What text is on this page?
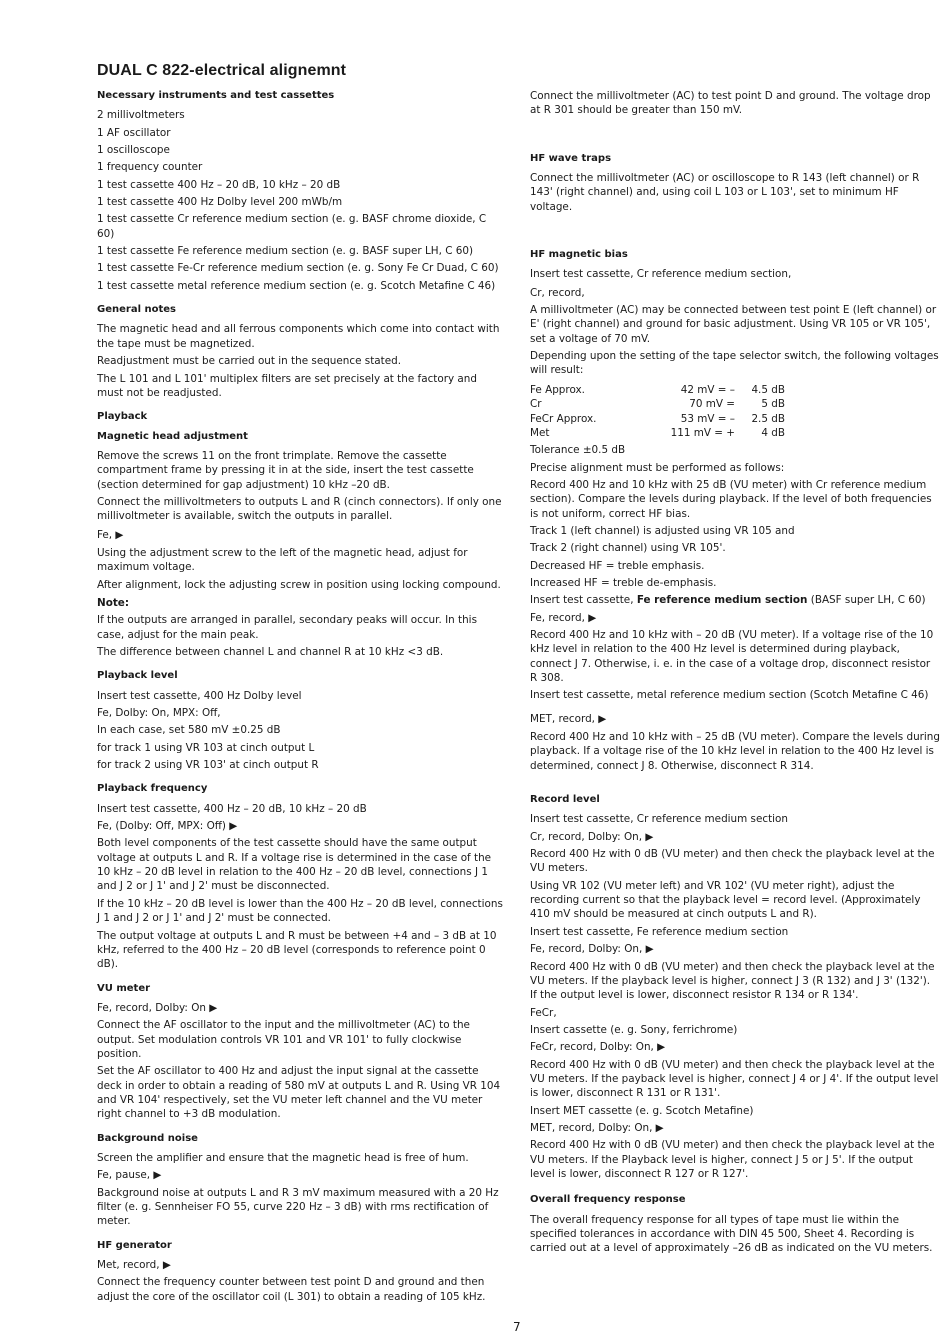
DUAL C 822-electrical alignemnt
Necessary instruments and test cassettes
2 millivoltmeters
1 AF oscillator
1 oscilloscope
1 frequency counter
1 test cassette 400 Hz – 20 dB, 10 kHz – 20 dB
1 test cassette 400 Hz Dolby level 200 mWb/m
1 test cassette Cr reference medium section (e. g. BASF chrome dioxide, C 60)
1 test cassette Fe reference medium section (e. g. BASF super LH, C 60)
1 test cassette Fe-Cr reference medium section (e. g. Sony Fe Cr Duad, C 60)
1 test cassette metal reference medium section (e. g. Scotch Metafine C 46)
General notes
The magnetic head and all ferrous components which come into contact with the tape must be magnetized.
Readjustment must be carried out in the sequence stated.
The L 101 and L 101' multiplex filters are set precisely at the factory and must not be readjusted.
Playback
Magnetic head adjustment
Remove the screws 11 on the front trimplate. Remove the cassette compartment frame by pressing it in at the side, insert the test cassette (section determined for gap adjustment) 10 kHz –20 dB.
Connect the millivoltmeters to outputs L and R (cinch connectors). If only one millivoltmeter is available, switch the outputs in parallel.
Fe, ▶
Using the adjustment screw to the left of the magnetic head, adjust for maximum voltage.
After alignment, lock the adjusting screw in position using locking compound.
Note:
If the outputs are arranged in parallel, secondary peaks will occur. In this case, adjust for the main peak.
The difference between channel L and channel R at 10 kHz <3 dB.
Playback level
Insert test cassette, 400 Hz Dolby level
Fe, Dolby: On, MPX: Off,
In each case, set 580 mV ±0.25 dB
for track 1 using VR 103 at cinch output L
for track 2 using VR 103' at cinch output R
Playback frequency
Insert test cassette, 400 Hz – 20 dB, 10 kHz – 20 dB
Fe, (Dolby: Off, MPX: Off) ▶
Both level components of the test cassette should have the same output voltage at outputs L and R. If a voltage rise is determined in the case of the 10 kHz – 20 dB level in relation to the 400 Hz – 20 dB level, connections J 1 and J 2 or J 1' and J 2' must be disconnected.
If the 10 kHz – 20 dB level is lower than the 400 Hz – 20 dB level, connections J 1 and J 2 or J 1' and J 2' must be connected.
The output voltage at outputs L and R must be between +4 and – 3 dB at 10 kHz, referred to the 400 Hz – 20 dB level (corresponds to reference point 0 dB).
VU meter
Fe, record, Dolby: On ▶
Connect the AF oscillator to the input and the millivoltmeter (AC) to the output. Set modulation controls VR 101 and VR 101' to fully clockwise position.
Set the AF oscillator to 400 Hz and adjust the input signal at the cassette deck in order to obtain a reading of 580 mV at outputs L and R. Using VR 104 and VR 104' respectively, set the VU meter left channel and the VU meter right channel to +3 dB modulation.
Background noise
Screen the amplifier and ensure that the magnetic head is free of hum.
Fe, pause, ▶
Background noise at outputs L and R 3 mV maximum measured with a 20 Hz filter (e. g. Sennheiser FO 55, curve 220 Hz – 3 dB) with rms rectification of meter.
HF generator
Met, record, ▶
Connect the frequency counter between test point D and ground and then adjust the core of the oscillator coil (L 301) to obtain a reading of 105 kHz.
Connect the millivoltmeter (AC) to test point D and ground. The voltage drop at R 301 should be greater than 150 mV.
HF wave traps
Connect the millivoltmeter (AC) or oscilloscope to R 143 (left channel) or R 143' (right channel) and, using coil L 103 or L 103', set to minimum HF voltage.
HF magnetic bias
Insert test cassette, Cr reference medium section,
Cr, record,
A millivoltmeter (AC) may be connected between test point E (left channel) or E' (right channel) and ground for basic adjustment. Using VR 105 or VR 105', set a voltage of 70 mV.
Depending upon the setting of the tape selector switch, the following voltages will result:
Fe Approx.	42 mV = –	4.5 dB
Cr	70 mV =	5 dB
FeCr Approx.	53 mV = –	2.5 dB
Met	111 mV = +	4 dB
Tolerance ±0.5 dB
Precise alignment must be performed as follows:
Record 400 Hz and 10 kHz with 25 dB (VU meter) with Cr reference medium section). Compare the levels during playback. If the level of both frequencies is not uniform, correct HF bias.
Track 1 (left channel) is adjusted using VR 105 and
Track 2 (right channel) using VR 105'.
Decreased HF = treble emphasis.
Increased HF = treble de-emphasis.
Insert test cassette, Fe reference medium section (BASF super LH, C 60)
Fe, record, ▶
Record 400 Hz and 10 kHz with – 20 dB (VU meter). If a voltage rise of the 10 kHz level in relation to the 400 Hz level is determined during playback, connect J 7. Otherwise, i. e. in the case of a voltage drop, disconnect resistor R 308.
Insert test cassette, metal reference medium section (Scotch Metafine C 46)
MET, record, ▶
Record 400 Hz and 10 kHz with – 25 dB (VU meter). Compare the levels during playback. If a voltage rise of the 10 kHz level in relation to the 400 Hz level is determined, connect J 8. Otherwise, disconnect R 314.
Record level
Insert test cassette, Cr reference medium section
Cr, record, Dolby: On, ▶
Record 400 Hz with 0 dB (VU meter) and then check the playback level at the VU meters.
Using VR 102 (VU meter left) and VR 102' (VU meter right), adjust the recording current so that the playback level = record level. (Approximately 410 mV should be measured at cinch outputs L and R).
Insert test cassette, Fe reference medium section
Fe, record, Dolby: On, ▶
Record 400 Hz with 0 dB (VU meter) and then check the playback level at the VU meters. If the playback level is higher, connect J 3 (R 132) and J 3' (132'). If the output level is lower, disconnect resistor R 134 or R 134'.
FeCr,
Insert cassette (e. g. Sony, ferrichrome)
FeCr, record, Dolby: On, ▶
Record 400 Hz with 0 dB (VU meter) and then check the playback level at the VU meters. If the payback level is higher, connect J 4 or J 4'. If the output level is lower, disconnect R 131 or R 131'.
Insert MET cassette (e. g. Scotch Metafine)
MET, record, Dolby: On, ▶
Record 400 Hz with 0 dB (VU meter) and then check the playback level at the VU meters. If the Playback level is higher, connect J 5 or J 5'. If the output level is lower, disconnect R 127 or R 127'.
Overall frequency response
The overall frequency response for all types of tape must lie within the specified tolerances in accordance with DIN 45 500, Sheet 4. Recording is carried out at a level of approximately –26 dB as indicated on the VU meters.
7
